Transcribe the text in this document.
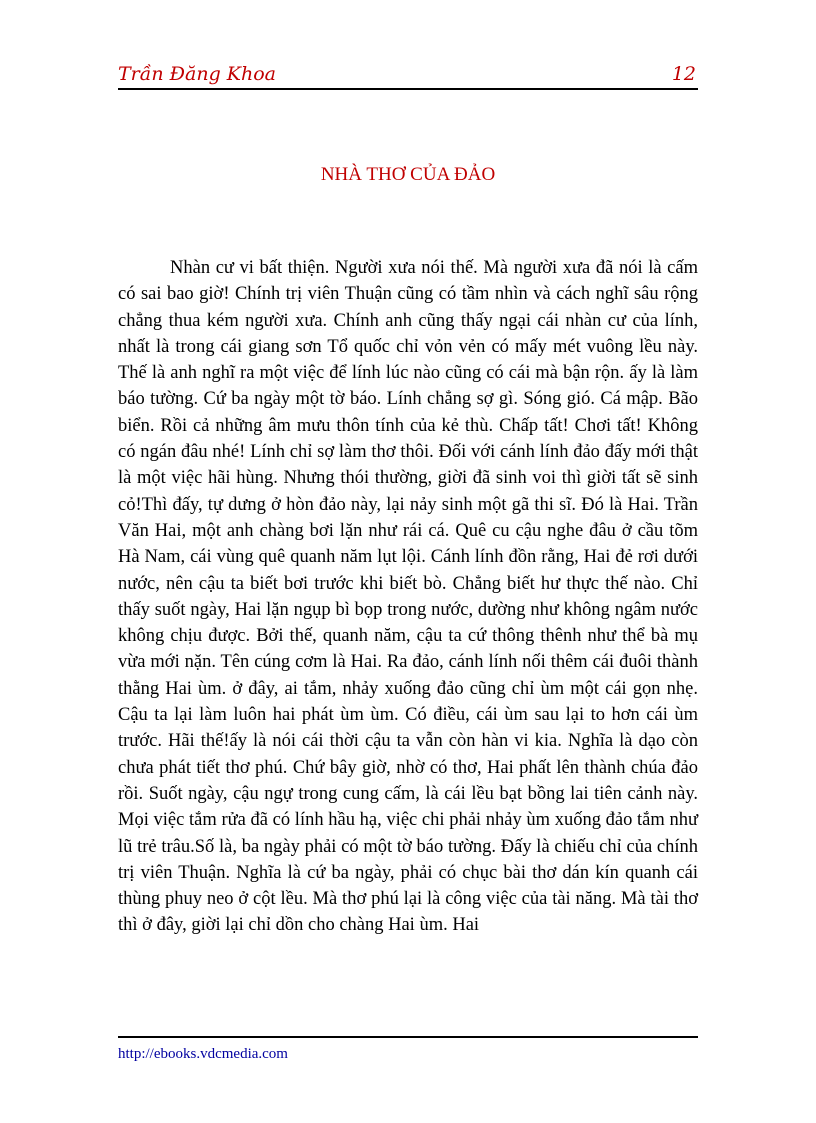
Trần Đăng Khoa	12
NHÀ THƠ CỦA ĐẢO

Nhàn cư vi bất thiện. Người xưa nói thế. Mà người xưa đã nói là cấm có sai bao giờ! Chính trị viên Thuận cũng có tầm nhìn và cách nghĩ sâu rộng chẳng thua kém người xưa. Chính anh cũng thấy ngại cái nhàn cư của lính, nhất là trong cái giang sơn Tổ quốc chỉ vỏn vẻn có mấy mét vuông lều này. Thế là anh nghĩ ra một việc để lính lúc nào cũng có cái mà bận rộn. ấy là làm báo tường. Cứ ba ngày một tờ báo. Lính chẳng sợ gì. Sóng gió. Cá mập. Bão biển. Rồi cả những âm mưu thôn tính của kẻ thù. Chấp tất! Chơi tất! Không có ngán đâu nhé! Lính chỉ sợ làm thơ thôi. Đối với cánh lính đảo đấy mới thật là một việc hãi hùng. Nhưng thói thường, giời đã sinh voi thì giời tất sẽ sinh cỏ!Thì đấy, tự dưng ở hòn đảo này, lại nảy sinh một gã thi sĩ. Đó là Hai. Trần Văn Hai, một anh chàng bơi lặn như rái cá. Quê cu cậu nghe đâu ở cầu tõm Hà Nam, cái vùng quê quanh năm lụt lội. Cánh lính đồn rằng, Hai đẻ rơi dưới nước, nên cậu ta biết bơi trước khi biết bò. Chẳng biết hư thực thế nào. Chỉ thấy suốt ngày, Hai lặn ngụp bì bọp trong nước, dường như không ngâm nước không chịu được. Bởi thế, quanh năm, cậu ta cứ thông thênh như thể bà mụ vừa mới nặn. Tên cúng cơm là Hai. Ra đảo, cánh lính nối thêm cái đuôi thành thằng Hai ùm. ở đây, ai tắm, nhảy xuống đảo cũng chỉ ùm một cái gọn nhẹ. Cậu ta lại làm luôn hai phát ùm ùm. Có điều, cái ùm sau lại to hơn cái ùm trước. Hãi thế!ấy là nói cái thời cậu ta vẫn còn hàn vi kia. Nghĩa là dạo còn chưa phát tiết thơ phú. Chứ bây giờ, nhờ có thơ, Hai phất lên thành chúa đảo rồi. Suốt ngày, cậu ngự trong cung cấm, là cái lều bạt bồng lai tiên cảnh này. Mọi việc tắm rửa đã có lính hầu hạ, việc chi phải nhảy ùm xuống đảo tắm như lũ trẻ trâu.Số là, ba ngày phải có một tờ báo tường. Đấy là chiếu chỉ của chính trị viên Thuận. Nghĩa là cứ ba ngày, phải có chục bài thơ dán kín quanh cái thùng phuy neo ở cột lều. Mà thơ phú lại là công việc của tài năng. Mà tài thơ thì ở đây, giời lại chỉ dồn cho chàng Hai ùm. Hai

http://ebooks.vdcmedia.com
